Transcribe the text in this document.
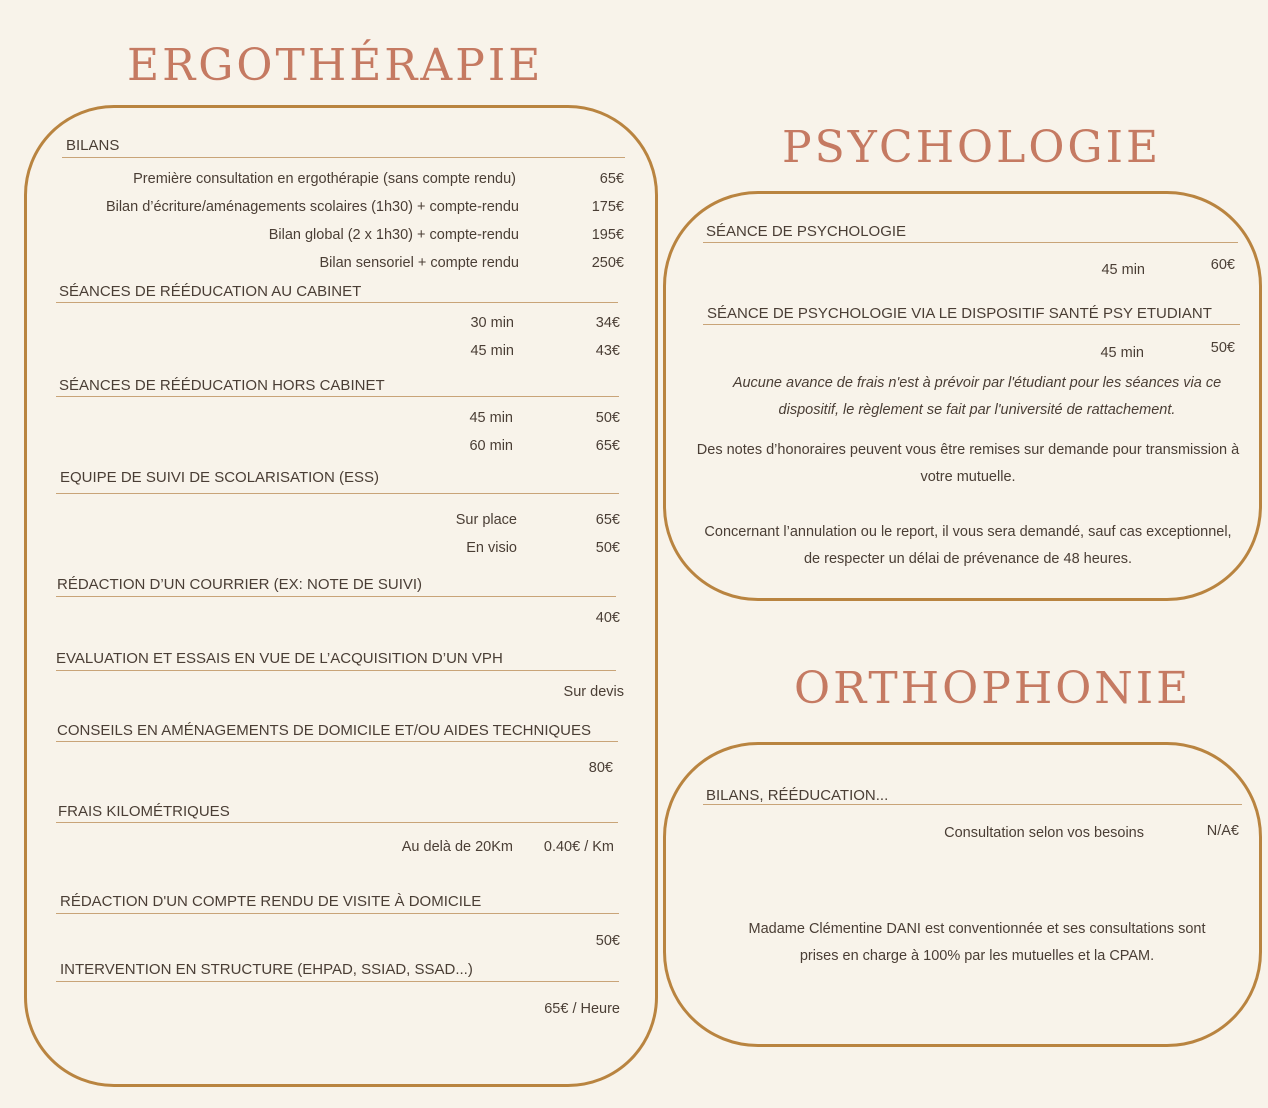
ERGOTHÉRAPIE
BILANS
Première consultation en ergothérapie (sans compte rendu)	65€
Bilan d’écriture/aménagements scolaires (1h30) + compte-rendu	175€
Bilan global (2 x 1h30) + compte-rendu	195€
Bilan sensoriel + compte rendu	250€
SÉANCES DE RÉÉDUCATION AU CABINET
30 min	34€
45 min	43€
SÉANCES DE RÉÉDUCATION HORS CABINET
45 min	50€
60 min	65€
EQUIPE DE SUIVI DE SCOLARISATION (ESS)
Sur place	65€
En visio	50€
RÉDACTION D’UN COURRIER (EX: NOTE DE SUIVI)
40€
EVALUATION ET ESSAIS EN VUE DE L’ACQUISITION D’UN VPH
Sur devis
CONSEILS EN AMÉNAGEMENTS DE DOMICILE ET/OU AIDES TECHNIQUES
80€
FRAIS KILOMÉTRIQUES
Au delà de 20Km 0.40€ / Km
RÉDACTION D'UN COMPTE RENDU DE VISITE À DOMICILE
50€
INTERVENTION EN STRUCTURE (EHPAD, SSIAD, SSAD...)
65€ / Heure
PSYCHOLOGIE
SÉANCE DE PSYCHOLOGIE
45 min	60€
SÉANCE DE PSYCHOLOGIE VIA LE DISPOSITIF SANTÉ PSY ETUDIANT
45 min	50€
Aucune avance de frais n'est à prévoir par l'étudiant pour les séances via ce
dispositif, le règlement se fait par l'université de rattachement.
Des notes d’honoraires peuvent vous être remises sur demande pour transmission à
votre mutuelle.
Concernant l’annulation ou le report, il vous sera demandé, sauf cas exceptionnel,
de respecter un délai de prévenance de 48 heures.
ORTHOPHONIE
BILANS, RÉÉDUCATION...
Consultation selon vos besoins	N/A€
Madame Clémentine DANI est conventionnée et ses consultations sont
prises en charge à 100% par les mutuelles et la CPAM.
